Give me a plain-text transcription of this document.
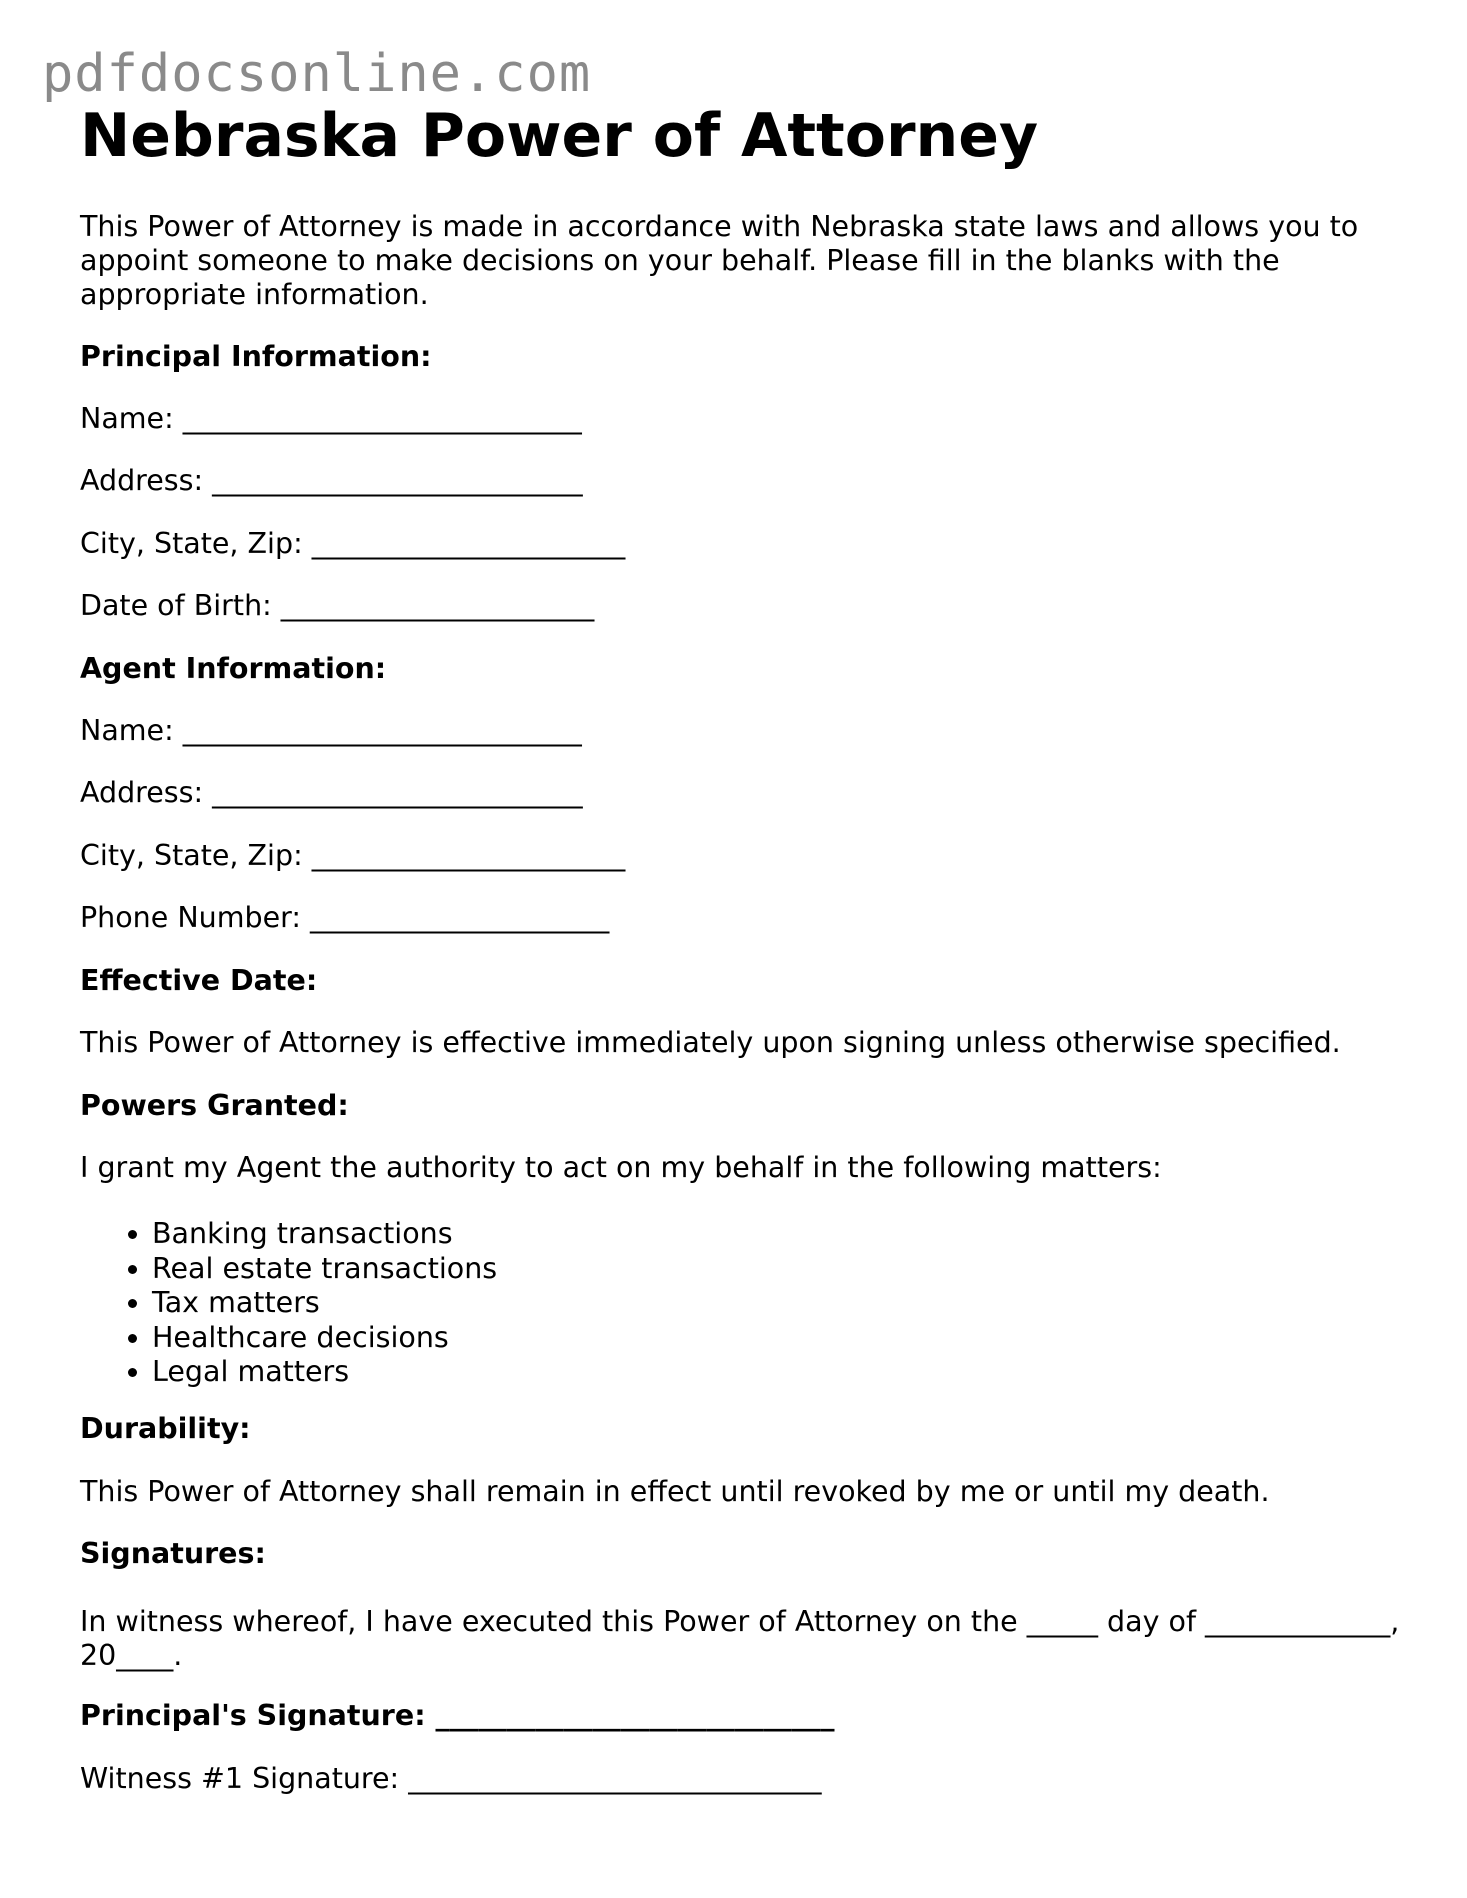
pdfdocsonline.com
Nebraska Power of Attorney

This Power of Attorney is made in accordance with Nebraska state laws and allows you to appoint someone to make decisions on your behalf. Please fill in the blanks with the appropriate information.

Principal Information:
Name: ____________________________
Address: __________________________
City, State, Zip: ______________________
Date of Birth: ______________________
Agent Information:
Name: ____________________________
Address: __________________________
City, State, Zip: ______________________
Phone Number: _____________________
Effective Date:
This Power of Attorney is effective immediately upon signing unless otherwise specified.
Powers Granted:
I grant my Agent the authority to act on my behalf in the following matters:
• Banking transactions
• Real estate transactions
• Tax matters
• Healthcare decisions
• Legal matters
Durability:
This Power of Attorney shall remain in effect until revoked by me or until my death.
Signatures:
In witness whereof, I have executed this Power of Attorney on the _____ day of _____________, 20____.
Principal's Signature: ____________________________
Witness #1 Signature: _____________________________
